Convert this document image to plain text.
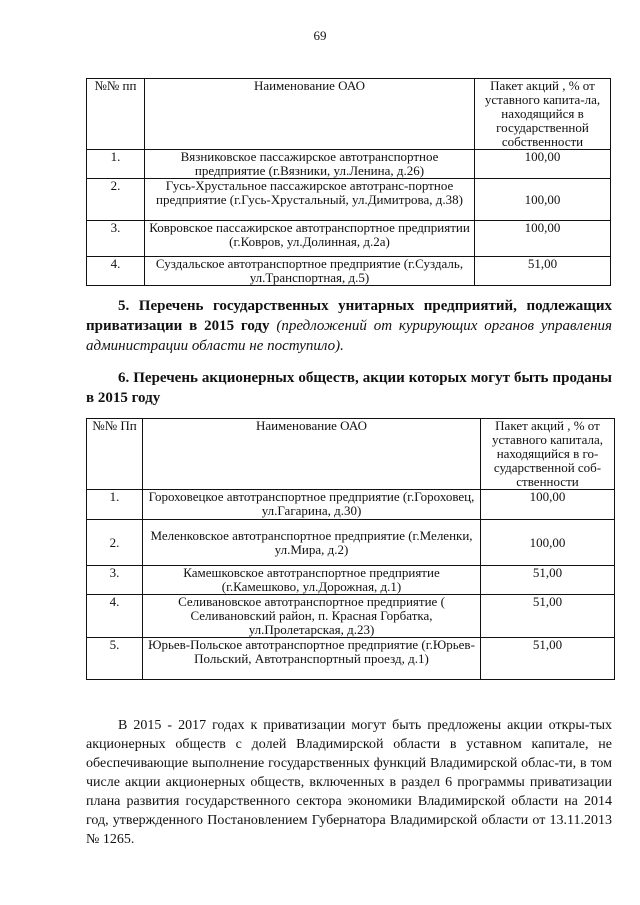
69
№№ пп	Наименование ОАО	Пакет акций , % от уставного капита-ла, находящийся в государственной собственности
1.	Вязниковское пассажирское автотранспортное предприятие (г.Вязники, ул.Ленина, д.26)	100,00
2.	Гусь-Хрустальное пассажирское автотранс-портное предприятие (г.Гусь-Хрустальный, ул.Димитрова, д.38)	100,00
3.	Ковровское пассажирское автотранспортное предприятии (г.Ковров, ул.Долинная, д.2а)	100,00
4.	Суздальское автотранспортное предприятие (г.Суздаль, ул.Транспортная, д.5)	51,00
5. Перечень государственных унитарных предприятий, подлежащих приватизации в 2015 году (предложений от курирующих органов управления администрации области не поступило).
6. Перечень акционерных обществ, акции которых могут быть проданы в 2015 году
№№ Пп	Наименование ОАО	Пакет акций , % от уставного капитала, находящийся в го-сударственной соб-ственности
1.	Гороховецкое автотранспортное предприятие (г.Гороховец, ул.Гагарина, д.30)	100,00
2.	Меленковское автотранспортное предприятие (г.Меленки, ул.Мира, д.2)	100,00
3.	Камешковское автотранспортное предприятие (г.Камешково, ул.Дорожная, д.1)	51,00
4.	Селивановское автотранспортное предприятие ( Селивановский район, п. Красная Горбатка, ул.Пролетарская, д.23)	51,00
5.	Юрьев-Польское автотранспортное предприятие (г.Юрьев-Польский, Автотранспортный проезд, д.1)	51,00
В 2015 - 2017 годах к приватизации могут быть предложены акции откры-тых акционерных обществ с долей Владимирской области в уставном капитале, не обеспечивающие выполнение государственных функций Владимирской облас-ти, в том числе акции акционерных обществ, включенных в раздел 6 программы приватизации плана развития государственного сектора экономики Владимирской области на 2014 год, утвержденного Постановлением Губернатора Владимирской области от 13.11.2013 № 1265.
